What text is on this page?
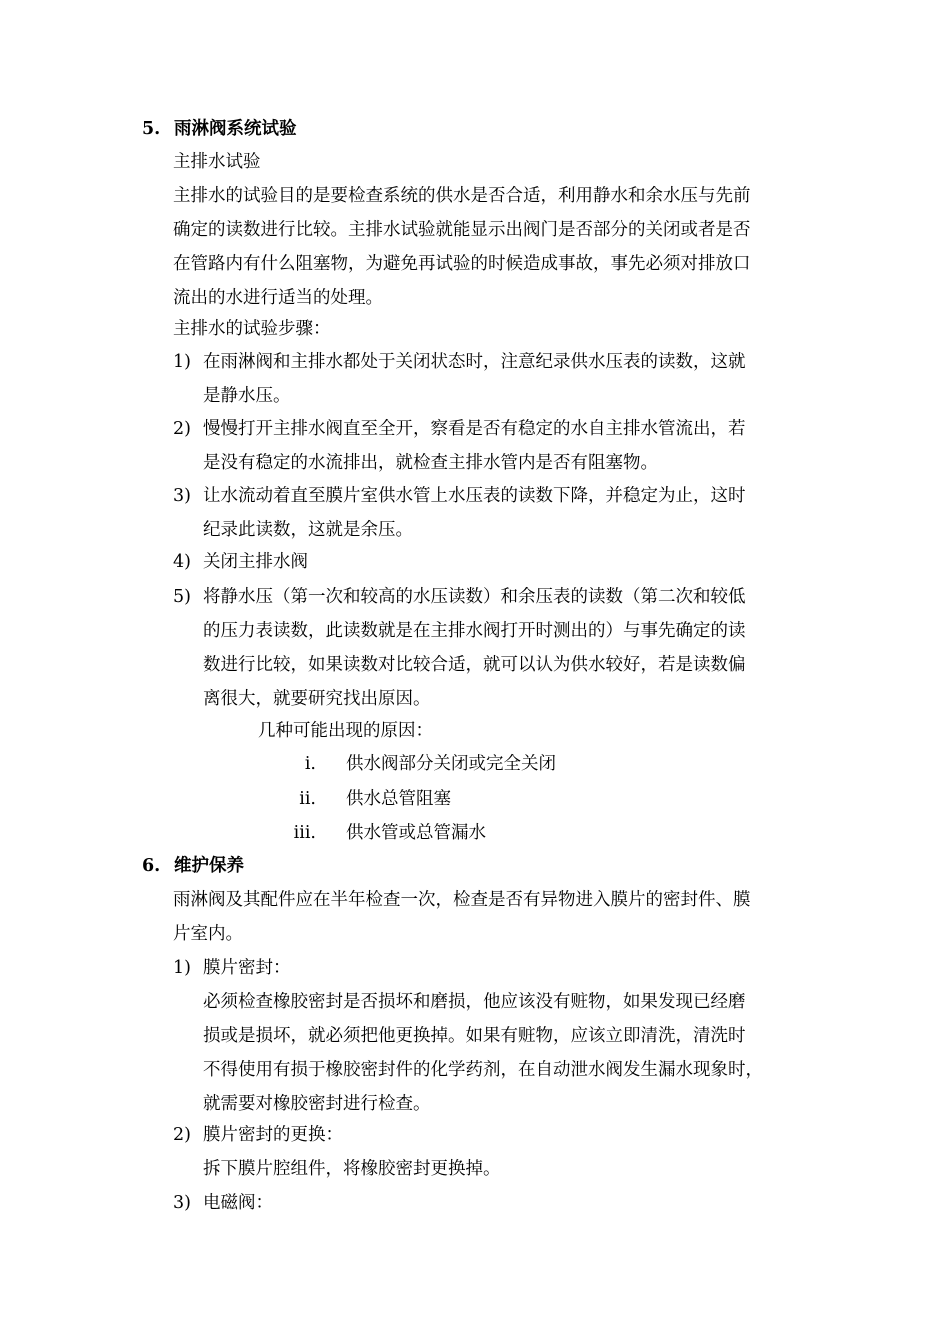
5. 雨淋阀系统试验
主排水试验
主排水的试验目的是要检查系统的供水是否合适，利用静水和余水压与先前
确定的读数进行比较。主排水试验就能显示出阀门是否部分的关闭或者是否
在管路内有什么阻塞物，为避免再试验的时候造成事故，事先必须对排放口
流出的水进行适当的处理。
主排水的试验步骤：
1) 在雨淋阀和主排水都处于关闭状态时，注意纪录供水压表的读数，这就
是静水压。
2) 慢慢打开主排水阀直至全开，察看是否有稳定的水自主排水管流出，若
是没有稳定的水流排出，就检查主排水管内是否有阻塞物。
3) 让水流动着直至膜片室供水管上水压表的读数下降，并稳定为止，这时
纪录此读数，这就是余压。
4) 关闭主排水阀
5) 将静水压（第一次和较高的水压读数）和余压表的读数（第二次和较低
的压力表读数，此读数就是在主排水阀打开时测出的）与事先确定的读
数进行比较，如果读数对比较合适，就可以认为供水较好，若是读数偏
离很大，就要研究找出原因。
几种可能出现的原因：
i. 供水阀部分关闭或完全关闭
ii. 供水总管阻塞
iii. 供水管或总管漏水
6. 维护保养
雨淋阀及其配件应在半年检查一次，检查是否有异物进入膜片的密封件、膜
片室内。
1) 膜片密封：
必须检查橡胶密封是否损坏和磨损，他应该没有赃物，如果发现已经磨
损或是损坏，就必须把他更换掉。如果有赃物，应该立即清洗，清洗时
不得使用有损于橡胶密封件的化学药剂，在自动泄水阀发生漏水现象时，
就需要对橡胶密封进行检查。
2) 膜片密封的更换：
拆下膜片腔组件，将橡胶密封更换掉。
3) 电磁阀：
